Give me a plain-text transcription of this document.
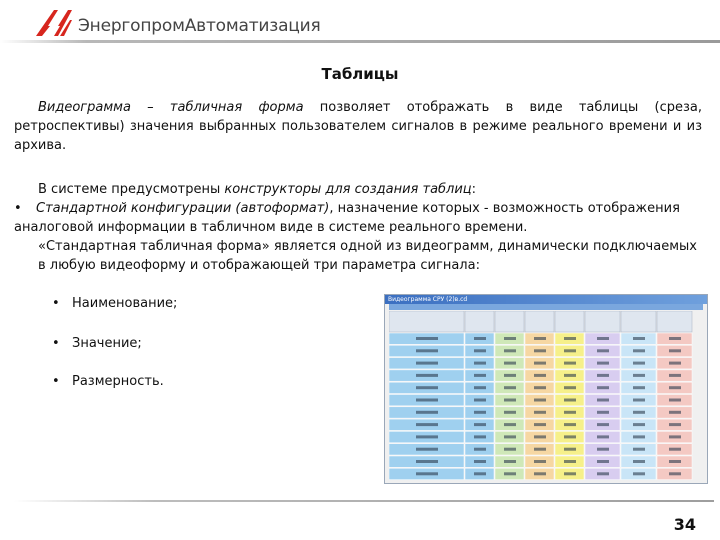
ЭнергопромАвтоматизация
Таблицы
Видеограмма – табличная форма позволяет отображать в виде таблицы (среза, ретроспективы) значения выбранных пользователем сигналов в режиме реального времени и из архива.
В системе предусмотрены конструкторы для создания таблиц:
• Стандартной конфигурации (автоформат), назначение которых - возможность отображения
аналоговой информации в табличном виде в системе реального времени.
«Стандартная табличная форма» является одной из видеограмм, динамически подключаемых
в любую видеоформу и отображающей три параметра сигнала:
• Наименование;
• Значение;
• Размерность.
Видеограмма СРУ (2)в.cd
34
